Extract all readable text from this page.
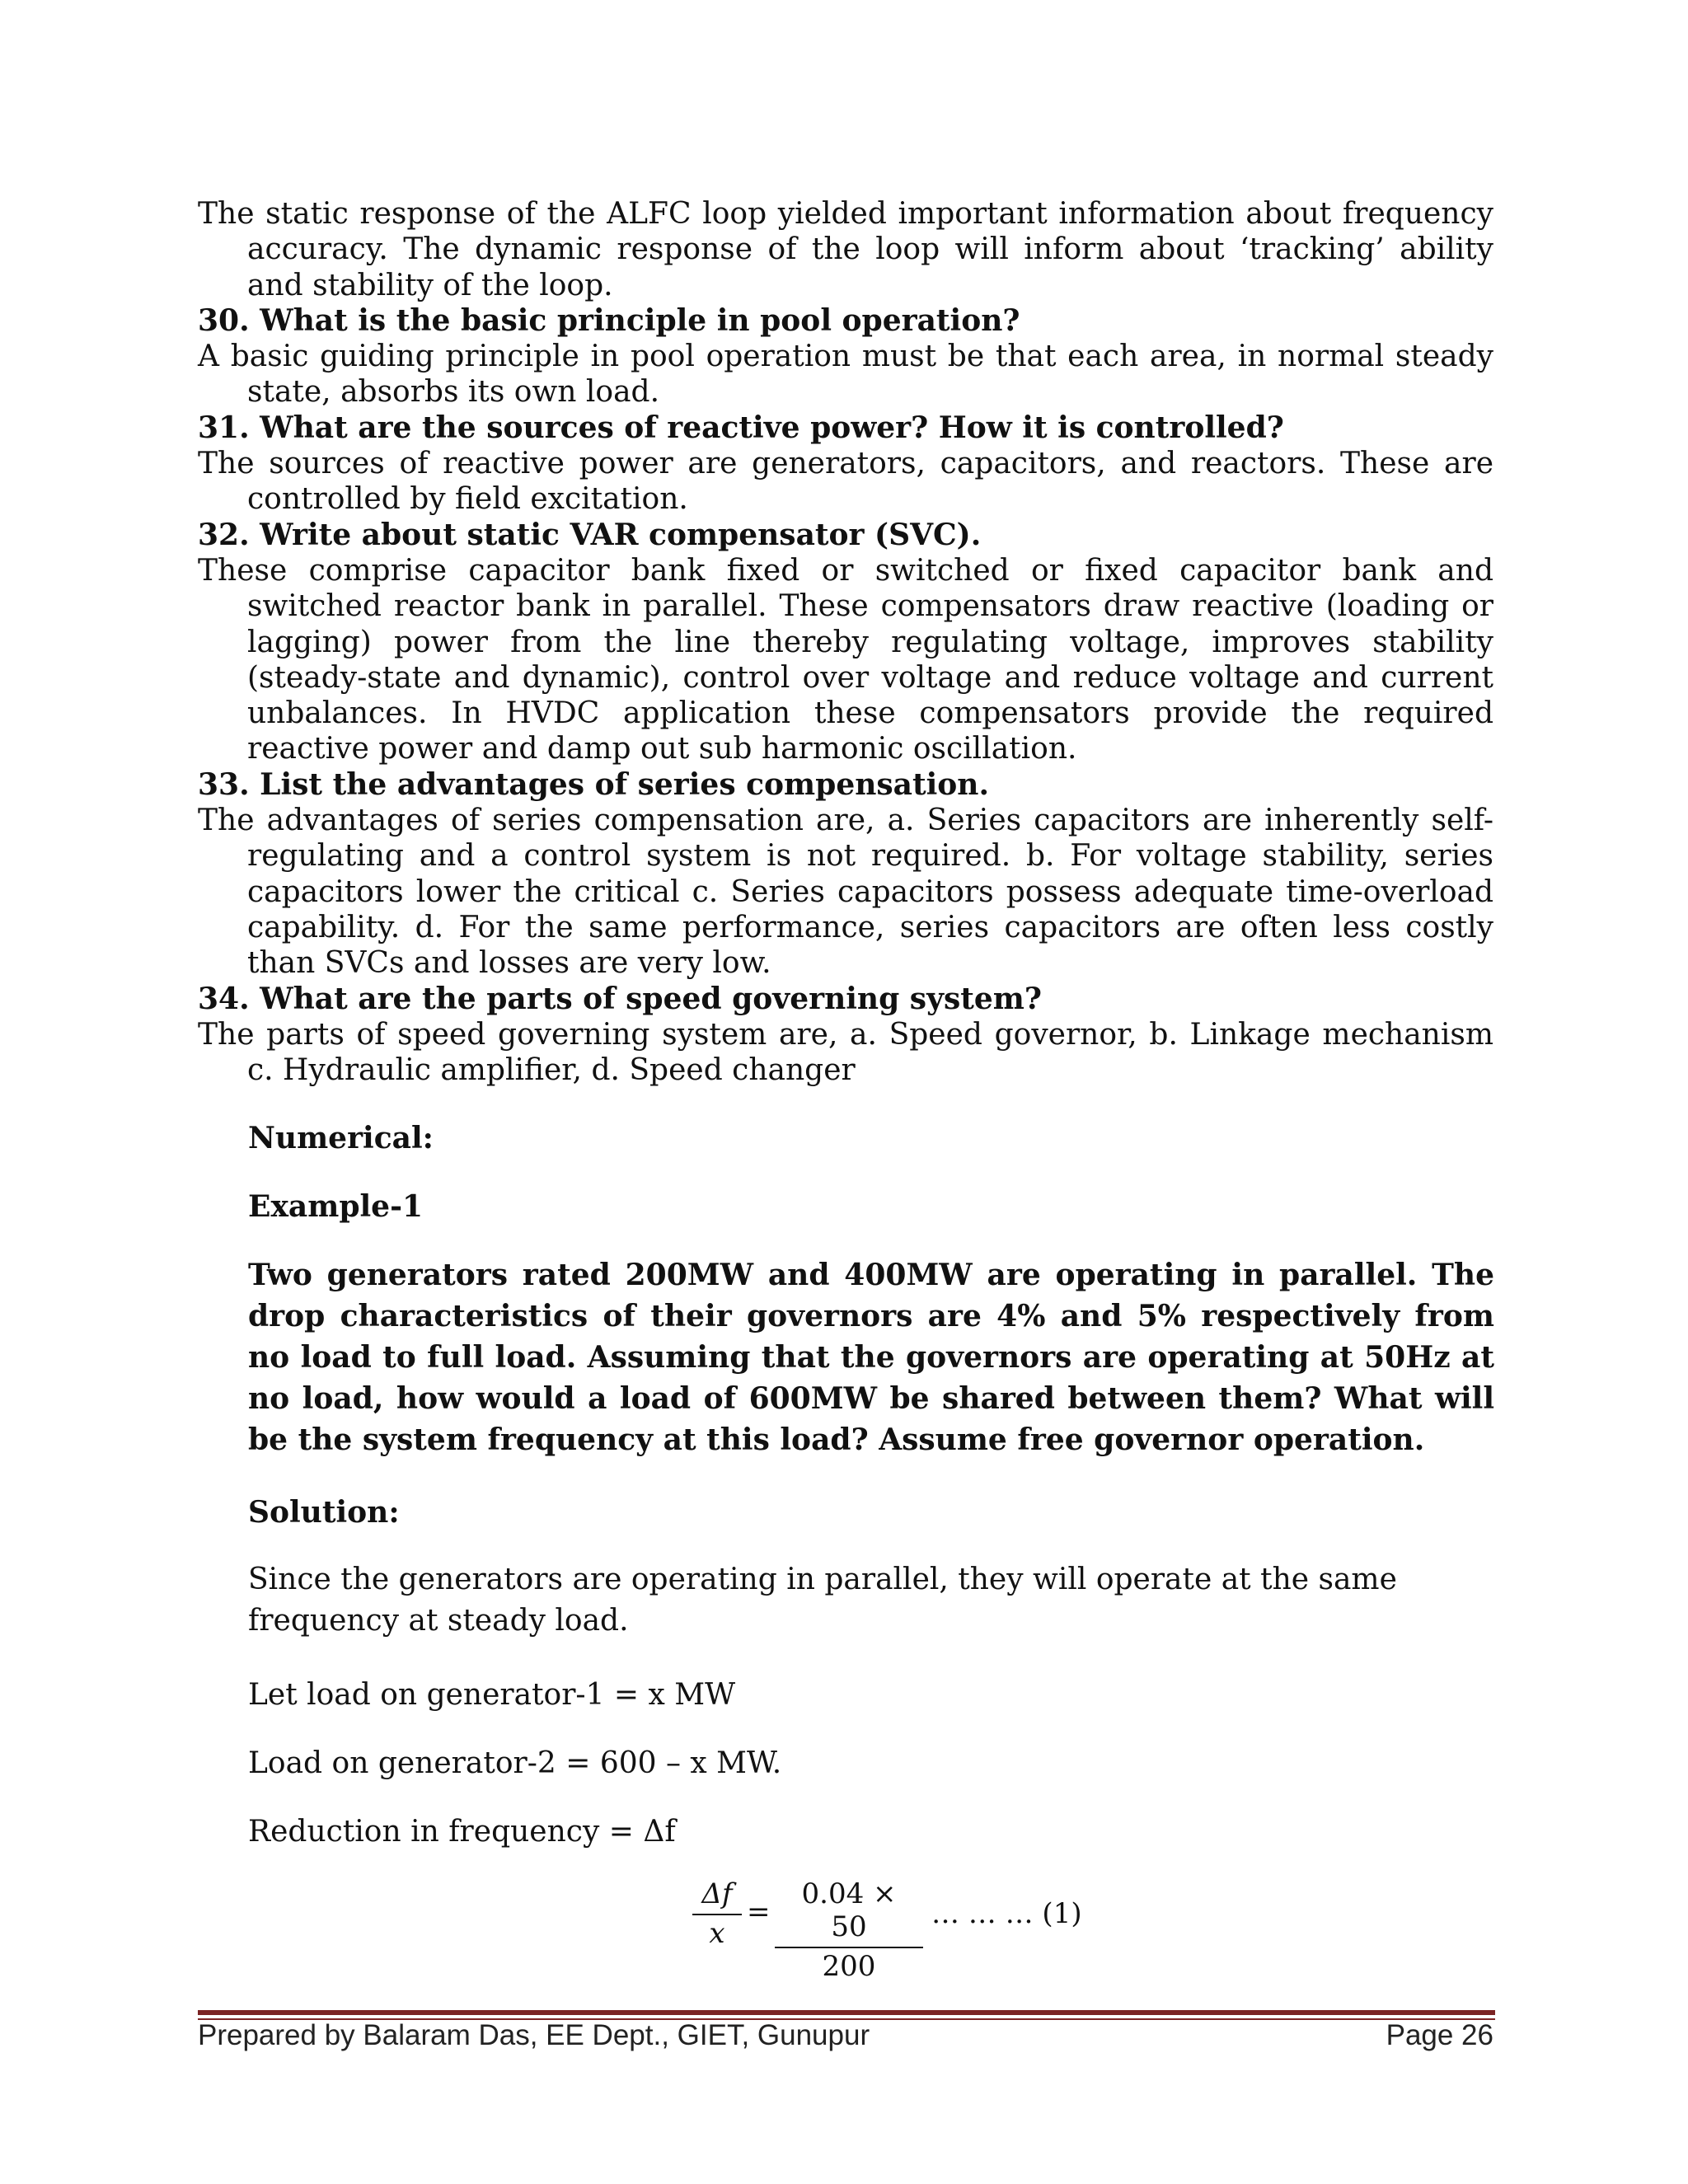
The static response of the ALFC loop yielded important information about frequency accuracy. The dynamic response of the loop will inform about ‘tracking’ ability and stability of the loop.

30. What is the basic principle in pool operation?

A basic guiding principle in pool operation must be that each area, in normal steady state, absorbs its own load.

31. What are the sources of reactive power? How it is controlled?

The sources of reactive power are generators, capacitors, and reactors. These are controlled by field excitation.

32. Write about static VAR compensator (SVC).

These comprise capacitor bank fixed or switched or fixed capacitor bank and switched reactor bank in parallel. These compensators draw reactive (loading or lagging) power from the line thereby regulating voltage, improves stability (steady-state and dynamic), control over voltage and reduce voltage and current unbalances. In HVDC application these compensators provide the required reactive power and damp out sub harmonic oscillation.

33. List the advantages of series compensation.

The advantages of series compensation are, a. Series capacitors are inherently self-regulating and a control system is not required. b. For voltage stability, series capacitors lower the critical c. Series capacitors possess adequate time-overload capability. d. For the same performance, series capacitors are often less costly than SVCs and losses are very low.

34. What are the parts of speed governing system?

The parts of speed governing system are, a. Speed governor, b. Linkage mechanism c. Hydraulic amplifier, d. Speed changer

Numerical:

Example-1

Two generators rated 200MW and 400MW are operating in parallel. The drop characteristics of their governors are 4% and 5% respectively from no load to full load. Assuming that the governors are operating at 50Hz at no load, how would a load of 600MW be shared between them? What will be the system frequency at this load? Assume free governor operation.

Solution:

Since the generators are operating in parallel, they will operate at the same frequency at steady load.

Let load on generator-1 = x MW

Load on generator-2 = 600 – x MW.

Reduction in frequency = Δf

Δf
x
=
0.04 × 50
200
… … … (1)
Prepared by Balaram Das, EE Dept., GIET, Gunupur	Page 26
